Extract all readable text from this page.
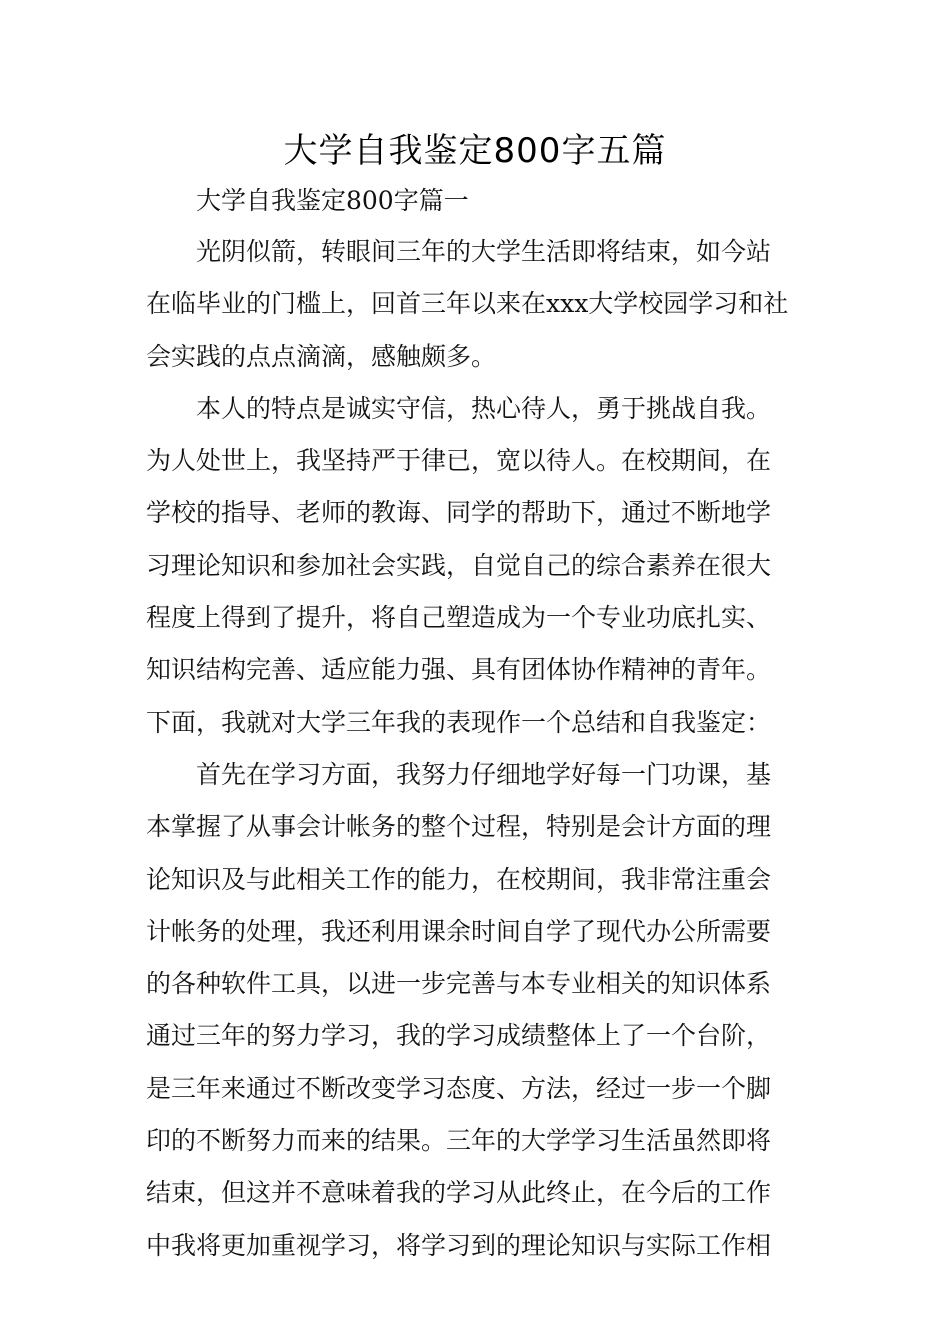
大学自我鉴定800字五篇
大学自我鉴定800字篇一
光阴似箭，转眼间三年的大学生活即将结束，如今站
在临毕业的门槛上，回首三年以来在xxx大学校园学习和社
会实践的点点滴滴，感触颇多。
本人的特点是诚实守信，热心待人，勇于挑战自我。
为人处世上，我坚持严于律已，宽以待人。在校期间，在
学校的指导、老师的教诲、同学的帮助下，通过不断地学
习理论知识和参加社会实践，自觉自己的综合素养在很大
程度上得到了提升，将自己塑造成为一个专业功底扎实、
知识结构完善、适应能力强、具有团体协作精神的青年。
下面，我就对大学三年我的表现作一个总结和自我鉴定：
首先在学习方面，我努力仔细地学好每一门功课，基
本掌握了从事会计帐务的整个过程，特别是会计方面的理
论知识及与此相关工作的能力，在校期间，我非常注重会
计帐务的处理，我还利用课余时间自学了现代办公所需要
的各种软件工具，以进一步完善与本专业相关的知识体系
通过三年的努力学习，我的学习成绩整体上了一个台阶，
是三年来通过不断改变学习态度、方法，经过一步一个脚
印的不断努力而来的结果。三年的大学学习生活虽然即将
结束，但这并不意味着我的学习从此终止，在今后的工作
中我将更加重视学习，将学习到的理论知识与实际工作相
